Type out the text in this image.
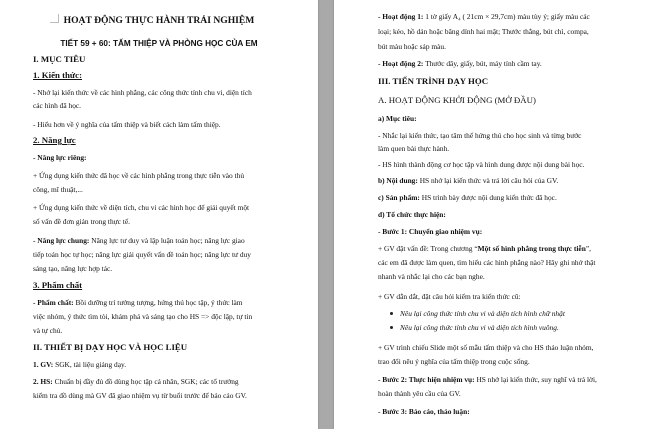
HOẠT ĐỘNG THỰC HÀNH TRẢI NGHIỆM
TIẾT 59 + 60: TẤM THIỆP VÀ PHÒNG HỌC CỦA EM
I. MỤC TIÊU
1. Kiến thức:
- Nhớ lại kiến thức về các hình phẳng, các công thức tính chu vi, diện tích
các hình đã học.
- Hiểu hơn về ý nghĩa của tấm thiệp và biết cách làm tấm thiệp.
2. Năng lực
- Năng lực riêng:
+ Ứng dụng kiến thức đã học về các hình phẳng trong thực tiễn vào thủ
công, mĩ thuật,...
+ Ứng dụng kiến thức về diện tích, chu vi các hình học để giải quyết một
số vấn đề đơn giản trong thực tế.
- Năng lực chung: Năng lực tư duy và lập luận toán học; năng lực giao
tiếp toán học tự học; năng lực giải quyết vấn đề toán học; năng lực tư duy
sáng tạo, năng lực hợp tác.
3. Phẩm chất
- Phẩm chất: Bồi dưỡng trí tưởng tượng, hứng thú học tập, ý thức làm
việc nhóm, ý thức tìm tòi, khám phá và sáng tạo cho HS => độc lập, tự tin
và tự chủ.
II. THIẾT BỊ DẠY HỌC VÀ HỌC LIỆU
1. GV: SGK, tài liệu giảng dạy.
2. HS: Chuẩn bị đầy đủ đồ dùng học tập cá nhân, SGK; các tổ trưởng
kiểm tra đồ dùng mà GV đã giao nhiệm vụ từ buổi trước để báo cáo GV.
- Hoạt động 1: 1 tờ giấy A₄ ( 21cm × 29,7cm) màu tùy ý; giấy màu các
loại; kéo, hồ dán hoặc băng dính hai mặt; Thước thẳng, bút chì, compa,
bút màu hoặc sáp màu.
- Hoạt động 2: Thước dây, giấy, bút, máy tính cầm tay.
III. TIẾN TRÌNH DẠY HỌC
A. HOẠT ĐỘNG KHỞI ĐỘNG (MỞ ĐẦU)
a) Mục tiêu:
- Nhắc lại kiến thức, tạo tâm thế hứng thú cho học sinh và từng bước
làm quen bài thực hành.
- HS hình thành động cơ học tập và hình dung được nội dung bài học.
b) Nội dung: HS nhớ lại kiến thức và trả lời câu hỏi của GV.
c) Sản phẩm: HS trình bày được nội dung kiến thức đã học.
d) Tổ chức thực hiện:
- Bước 1: Chuyển giao nhiệm vụ:
+ GV đặt vấn đề: Trong chương “Một số hình phẳng trong thực tiễn”,
các em đã được làm quen, tìm hiểu các hình phẳng nào? Hãy ghi nhớ thật
nhanh và nhắc lại cho các bạn nghe.
+ GV dẫn dắt, đặt câu hỏi kiểm tra kiến thức cũ:
Nêu lại công thức tính chu vi và diện tích hình chữ nhật
Nêu lại công thức tính chu vi và diện tích hình vuông.
+ GV trình chiếu Slide một số mẫu tấm thiệp và cho HS thảo luận nhóm,
trao đổi nêu ý nghĩa của tấm thiệp trong cuộc sống.
- Bước 2: Thực hiện nhiệm vụ: HS nhớ lại kiến thức, suy nghĩ và trả lời,
hoàn thành yêu cầu của GV.
- Bước 3: Báo cáo, thảo luận:
